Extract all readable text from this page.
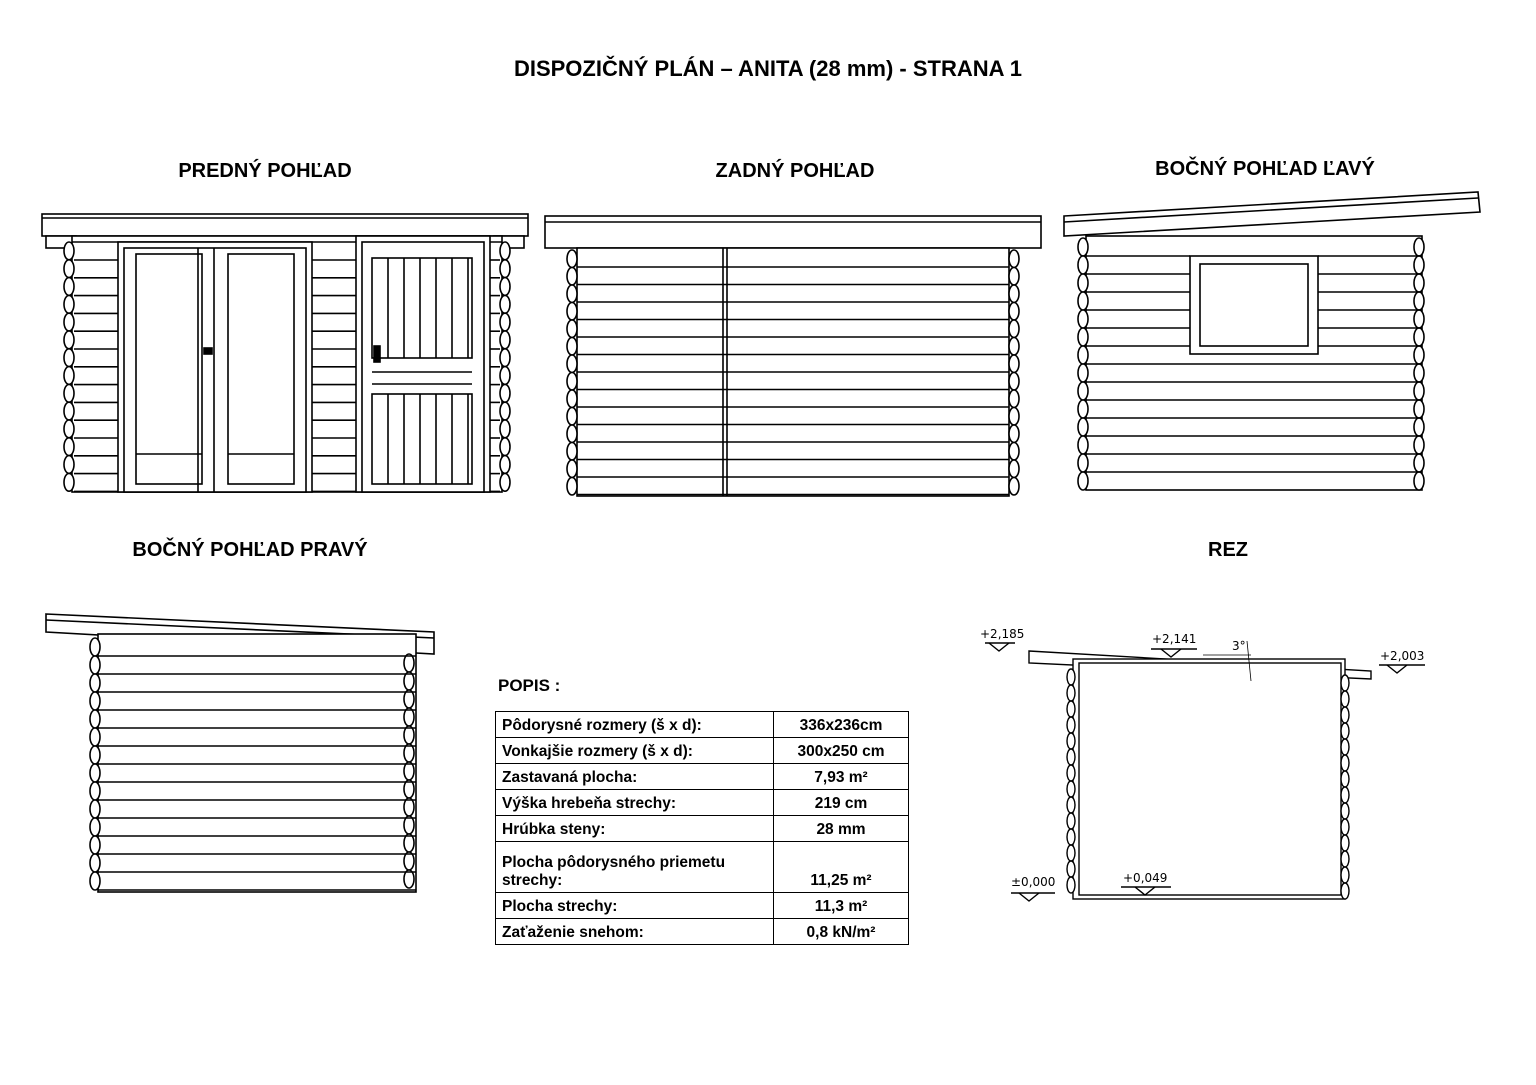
DISPOZIČNÝ PLÁN – ANITA (28 mm) - STRANA 1
PREDNÝ POHĽAD	ZADNÝ POHĽAD	BOČNÝ POHĽAD ĽAVÝ
BOČNÝ POHĽAD PRAVÝ	REZ
+2,185	+2,141
+2,003
3°
±0,000	+0,049
POPIS :
Pôdorysné rozmery (š x d):	336x236cm
Vonkajšie rozmery (š x d):	300x250 cm
Zastavaná plocha:	7,93 m²
Výška hrebeňa strechy:	219 cm
Hrúbka steny:	28 mm
Plocha pôdorysného priemetu strechy:	11,25 m²
Plocha strechy:	11,3 m²
Zaťaženie snehom:	0,8 kN/m²
